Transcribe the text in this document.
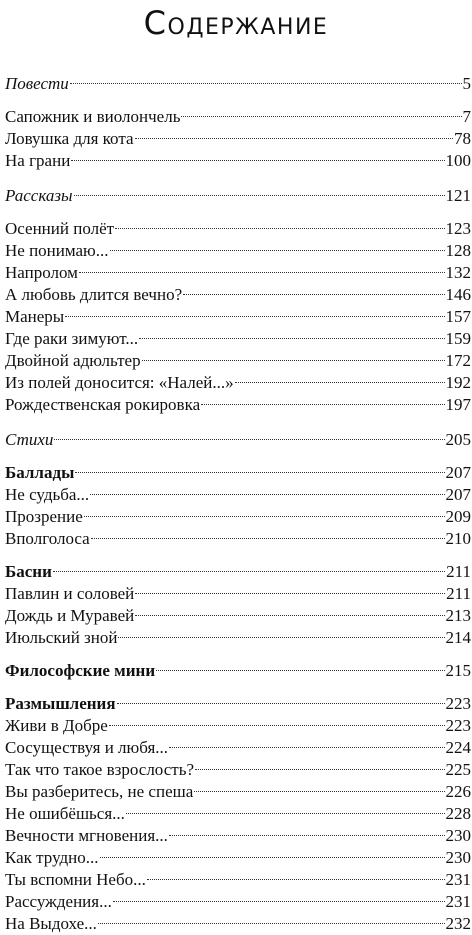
Содержание
Повести	5
Сапожник и виолончель	7
Ловушка для кота	78
На грани	100
Рассказы	121
Осенний полёт	123
Не понимаю...	128
Напролом	132
А любовь длится вечно?	146
Манеры	157
Где раки зимуют...	159
Двойной адюльтер	172
Из полей доносится: «Налей...»	192
Рождественская рокировка	197
Стихи	205
Баллады	207
Не судьба...	207
Прозрение	209
Вполголоса	210
Басни	211
Павлин и соловей	211
Дождь и Муравей	213
Июльский зной	214
Философские мини	215
Размышления	223
Живи в Добре	223
Сосуществуя и любя...	224
Так что такое взрослость?	225
Вы разберитесь, не спеша	226
Не ошибёшься...	228
Вечности мгновения...	230
Как трудно...	230
Ты вспомни Небо...	231
Рассуждения...	231
На Выдохе...	232
